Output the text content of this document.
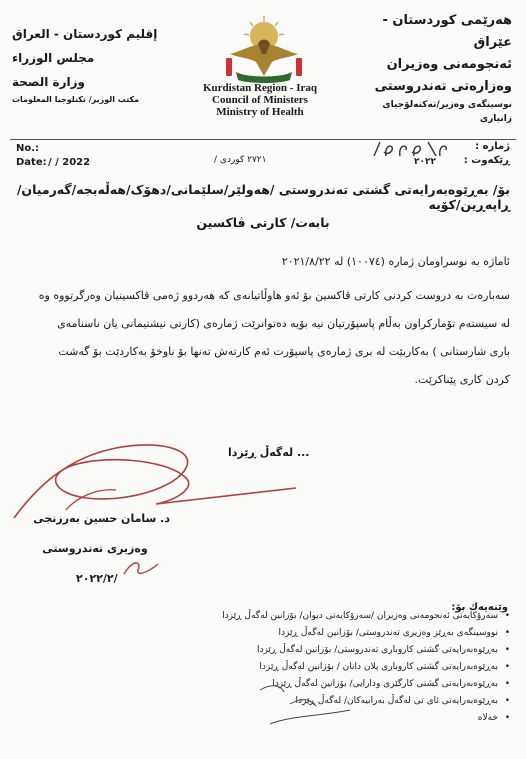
هەرێمی كوردستان - عێراق
ئەنجومەنی وەزیران
وەزارەتی تەندروستی
نوسینگەی وەزیر/تەكنەلۆجیای زانیاری
إقليم كوردستان - العراق
مجلس الوزراء
وزارة الصحة
مكتب الوزير/ تكنلوجيا المعلومات
Kurdistan Region - Iraq
Council of Ministers
Ministry of Health
No.:
Date: / / 2022	/ ٢٧٢١ كوردى
ژمارە :
ڕێكەوت :
٢٠٢٢
بۆ/ بەڕێوەبەرایەتی گشتی تەندروستی /هەولێر/سلێمانی/دهۆک/هەڵەبجە/گەرمیان/ڕاپەڕین/کۆیە
بابەت/ کارتی ڤاکسین
ئاماژە بە نوسراومان ژمارە (١٠٠٧٤) لە ٢٠٢١/٨/٢٢
سەبارەت بە دروست کردنی کارتی ڤاکسین بۆ ئەو هاوڵاتیانەی کە هەردوو ژەمی ڤاکسینیان وەرگرتووە وە
لە سیستەم تۆمارکراون بەڵام پاسپۆرتیان نیە بۆیە دەتوانرێت ژمارەی (کارتی نیشتیمانی یان ناسنامەی
باری شارستانی ) بەکاربێت لە بری ژمارەی پاسپۆرت ئەم کارتەش تەنها بۆ ناوخۆ بەکاردێت بۆ گەشت
کردن کاری پێناکرێت.
لەگەڵ ڕێزدا ...
د. سامان حسين بەرزنجى
وەزیری تەندروستی
٢٠٢٢/٢/
وێنەیەك بۆ:
• سەرۆكایەتی ئەنجومەنی وەزیران /سەرۆكایەتی دیوان/ بۆزانین لەگەڵ ڕێزدا
• نووسینگەی بەڕێز وەزیری تەندروستی/ بۆزانین لەگەڵ ڕێزدا
• بەڕێوەبەرایەتی گشتی كاروباری تەندروستی/ بۆزانین لەگەڵ ڕێزدا
• بەڕێوەبەرایەتی گشتی كاروباری پلان دانان / بۆزانین لەگەڵ ڕێزدا
• بەڕێوەبەرایەتی گشتی كارگێری ودارایی/ بۆزانین لەگەڵ ڕێزدا
• بەڕێوەبەرایەتی ئای تی لەگەڵ بەرابیەكان/ لەگەڵ ڕێزدا
• خەلاە
